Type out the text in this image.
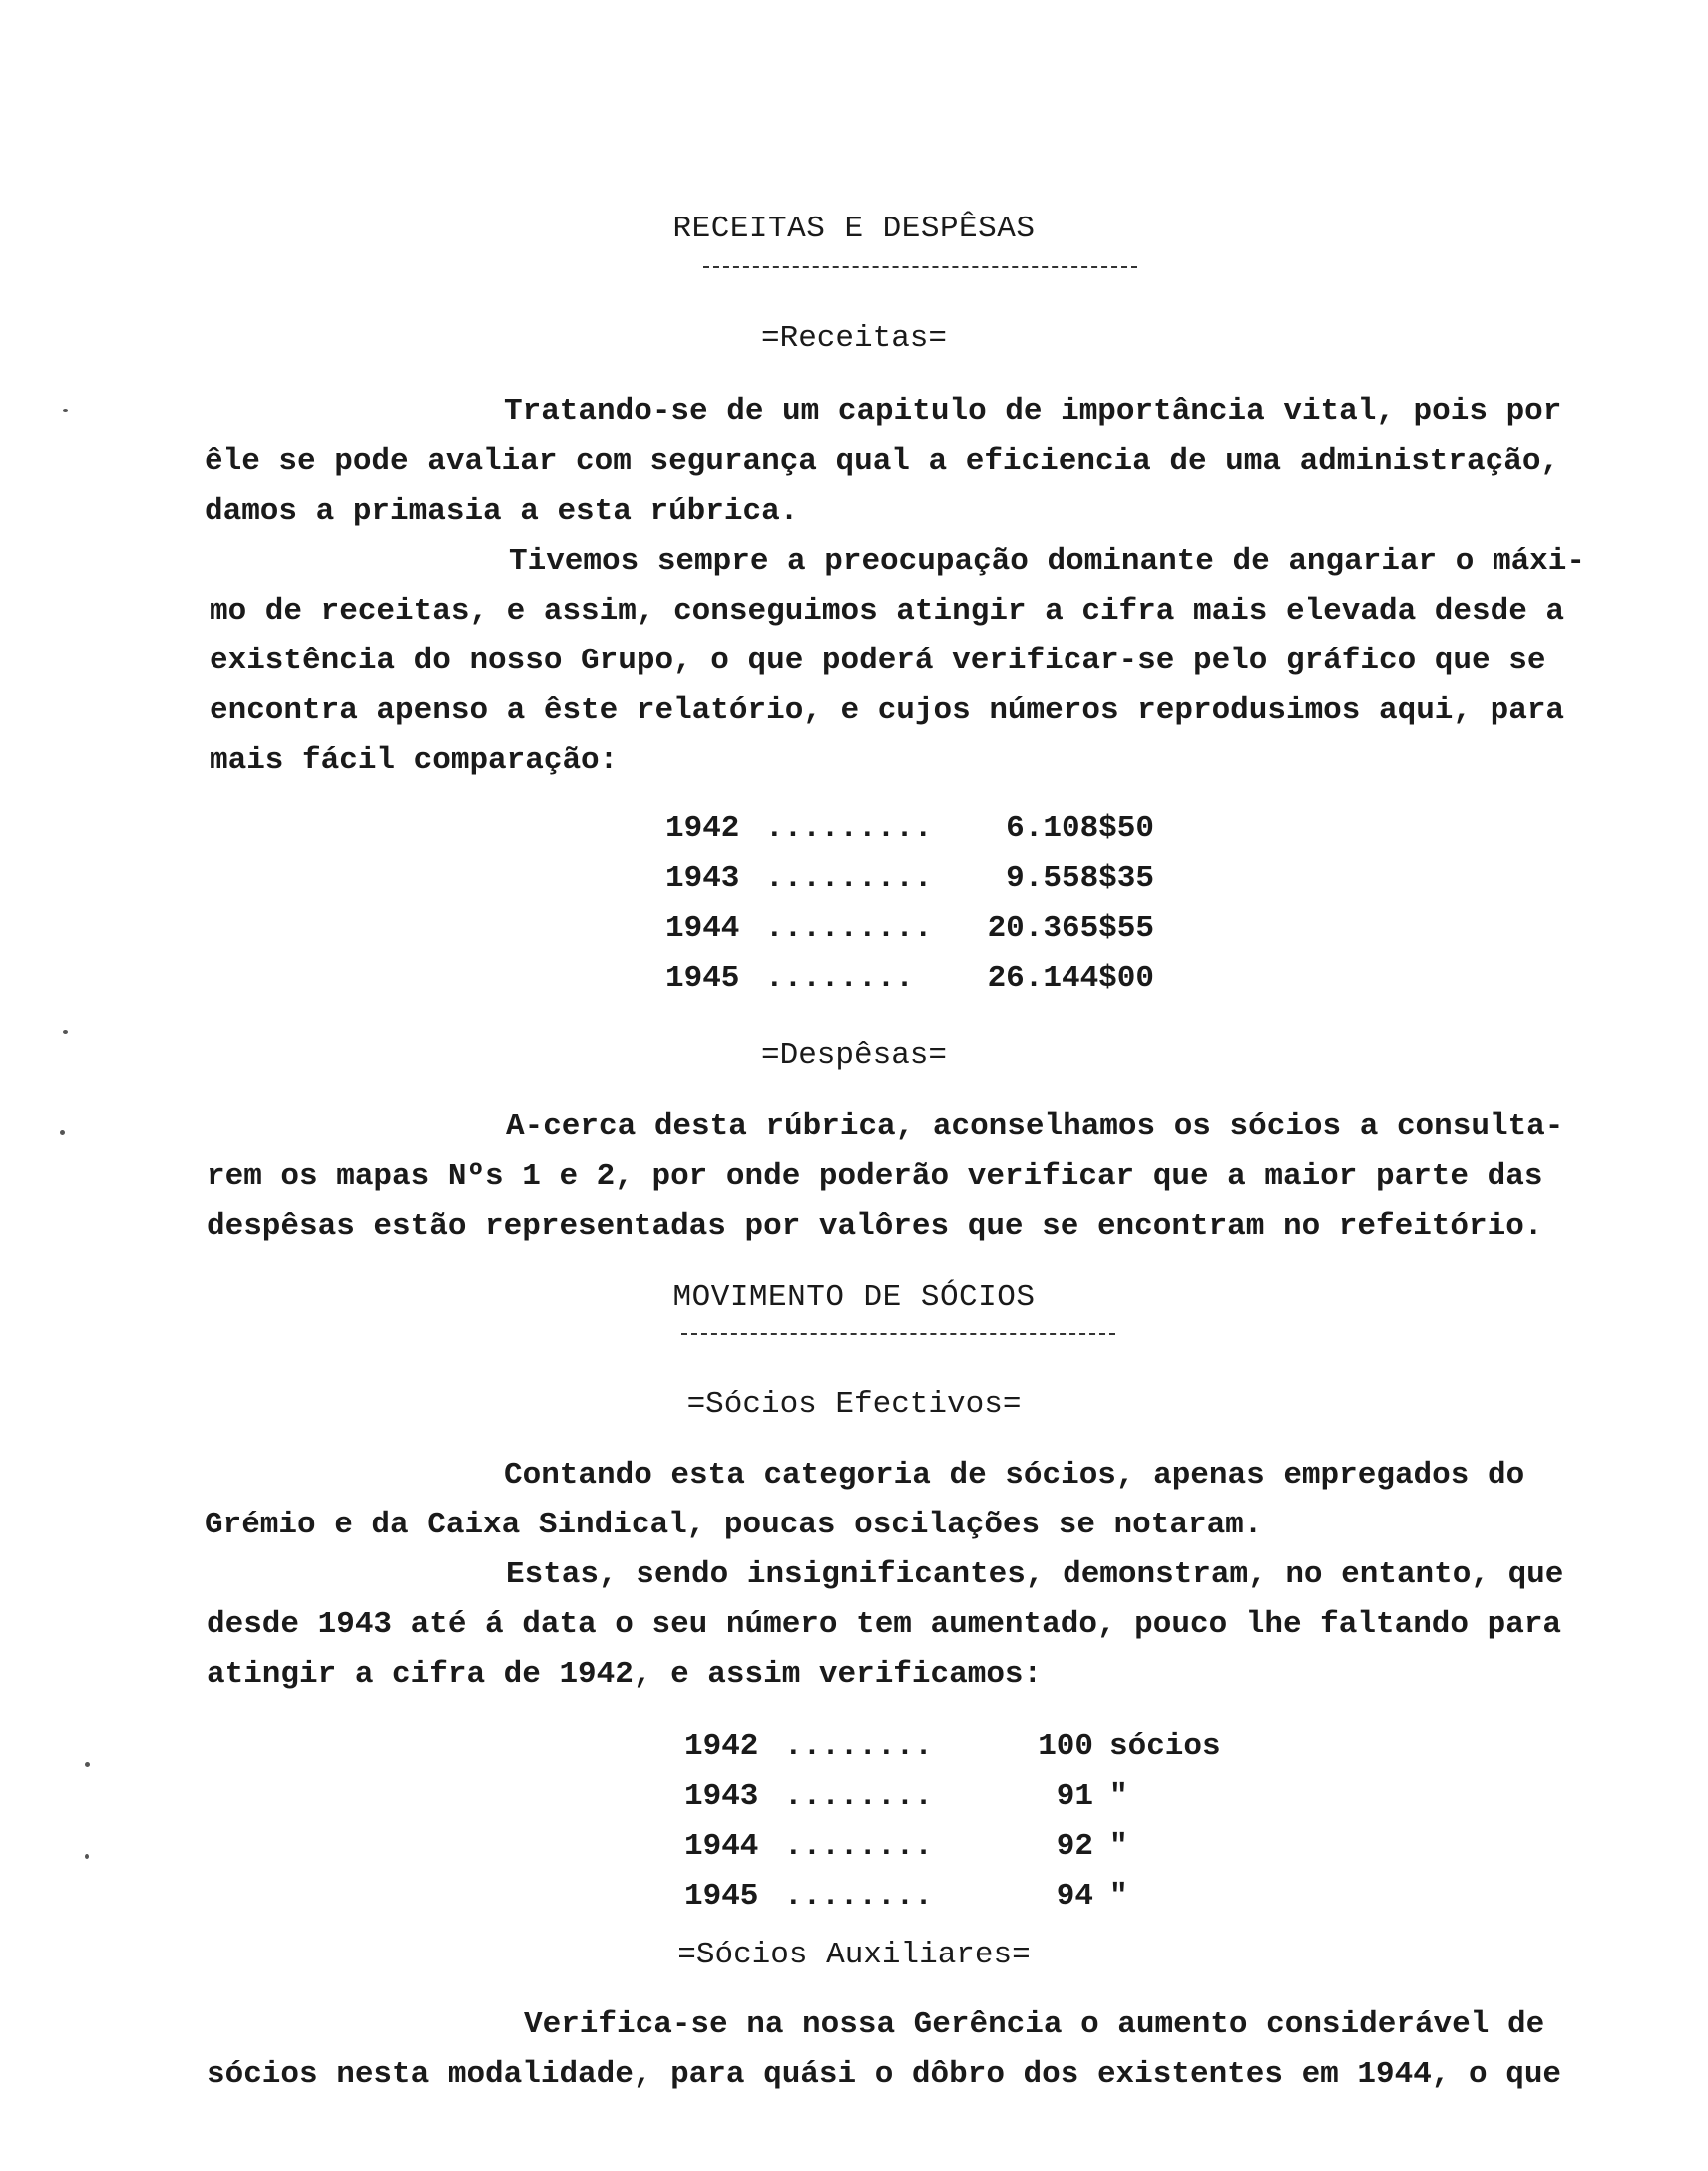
RECEITAS E DESPÊSAS
=Receitas=
Tratando-se de um capitulo de importância vital, pois por
êle se pode avaliar com segurança qual a eficiencia de uma administração,
damos a primasia a esta rúbrica.
Tivemos sempre a preocupação dominante de angariar o máxi-
mo de receitas, e assim, conseguimos atingir a cifra mais elevada desde a
existência do nosso Grupo, o que poderá verificar-se pelo gráfico que se
encontra apenso a êste relatório, e cujos números reprodusimos aqui, para
mais fácil comparação:
1942 .........	6.108$50
1943 .........	9.558$35
1944 .........	20.365$55
1945 ........	26.144$00
=Despêsas=
A-cerca desta rúbrica, aconselhamos os sócios a consulta-
rem os mapas Nºs 1 e 2, por onde poderão verificar que a maior parte das
despêsas estão representadas por valôres que se encontram no refeitório.
MOVIMENTO DE SÓCIOS
=Sócios Efectivos=
Contando esta categoria de sócios, apenas empregados do
Grémio e da Caixa Sindical, poucas oscilações se notaram.
Estas, sendo insignificantes, demonstram, no entanto, que
desde 1943 até á data o seu número tem aumentado, pouco lhe faltando para
atingir a cifra de 1942, e assim verificamos:
1942 ........	100 sócios
1943 ........	91 "
1944 ........	92 "
1945 ........	94 "
=Sócios Auxiliares=
Verifica-se na nossa Gerência o aumento considerável de
sócios nesta modalidade, para quási o dôbro dos existentes em 1944, o que
